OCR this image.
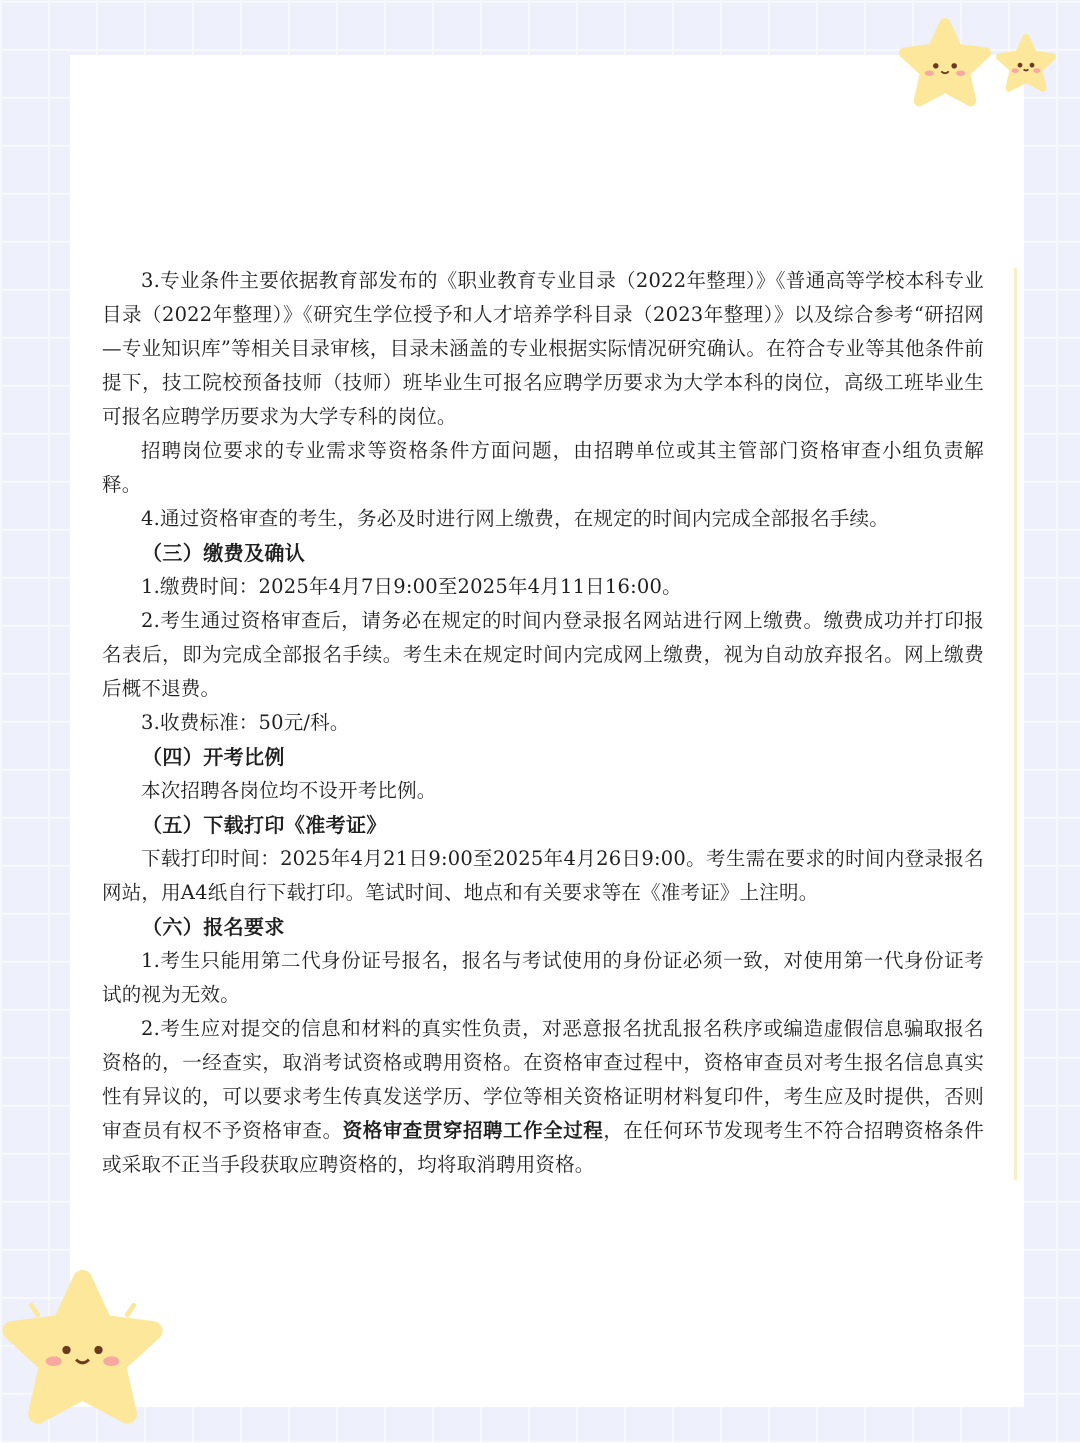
3.专业条件主要依据教育部发布的《职业教育专业目录（2022年整理）》《普通高等学校本科专业目录（2022年整理）》《研究生学位授予和人才培养学科目录（2023年整理）》以及综合参考“研招网—专业知识库”等相关目录审核，目录未涵盖的专业根据实际情况研究确认。在符合专业等其他条件前提下，技工院校预备技师（技师）班毕业生可报名应聘学历要求为大学本科的岗位，高级工班毕业生可报名应聘学历要求为大学专科的岗位。

招聘岗位要求的专业需求等资格条件方面问题，由招聘单位或其主管部门资格审查小组负责解释。

4.通过资格审查的考生，务必及时进行网上缴费，在规定的时间内完成全部报名手续。

（三）缴费及确认

1.缴费时间：2025年4月7日9:00至2025年4月11日16:00。

2.考生通过资格审查后，请务必在规定的时间内登录报名网站进行网上缴费。缴费成功并打印报名表后，即为完成全部报名手续。考生未在规定时间内完成网上缴费，视为自动放弃报名。网上缴费后概不退费。

3.收费标准：50元/科。

（四）开考比例

本次招聘各岗位均不设开考比例。

（五）下载打印《准考证》

下载打印时间：2025年4月21日9:00至2025年4月26日9:00。考生需在要求的时间内登录报名网站，用A4纸自行下载打印。笔试时间、地点和有关要求等在《准考证》上注明。

（六）报名要求

1.考生只能用第二代身份证号报名，报名与考试使用的身份证必须一致，对使用第一代身份证考试的视为无效。

2.考生应对提交的信息和材料的真实性负责，对恶意报名扰乱报名秩序或编造虚假信息骗取报名资格的，一经查实，取消考试资格或聘用资格。在资格审查过程中，资格审查员对考生报名信息真实性有异议的，可以要求考生传真发送学历、学位等相关资格证明材料复印件，考生应及时提供，否则审查员有权不予资格审查。资格审查贯穿招聘工作全过程，在任何环节发现考生不符合招聘资格条件或采取不正当手段获取应聘资格的，均将取消聘用资格。
